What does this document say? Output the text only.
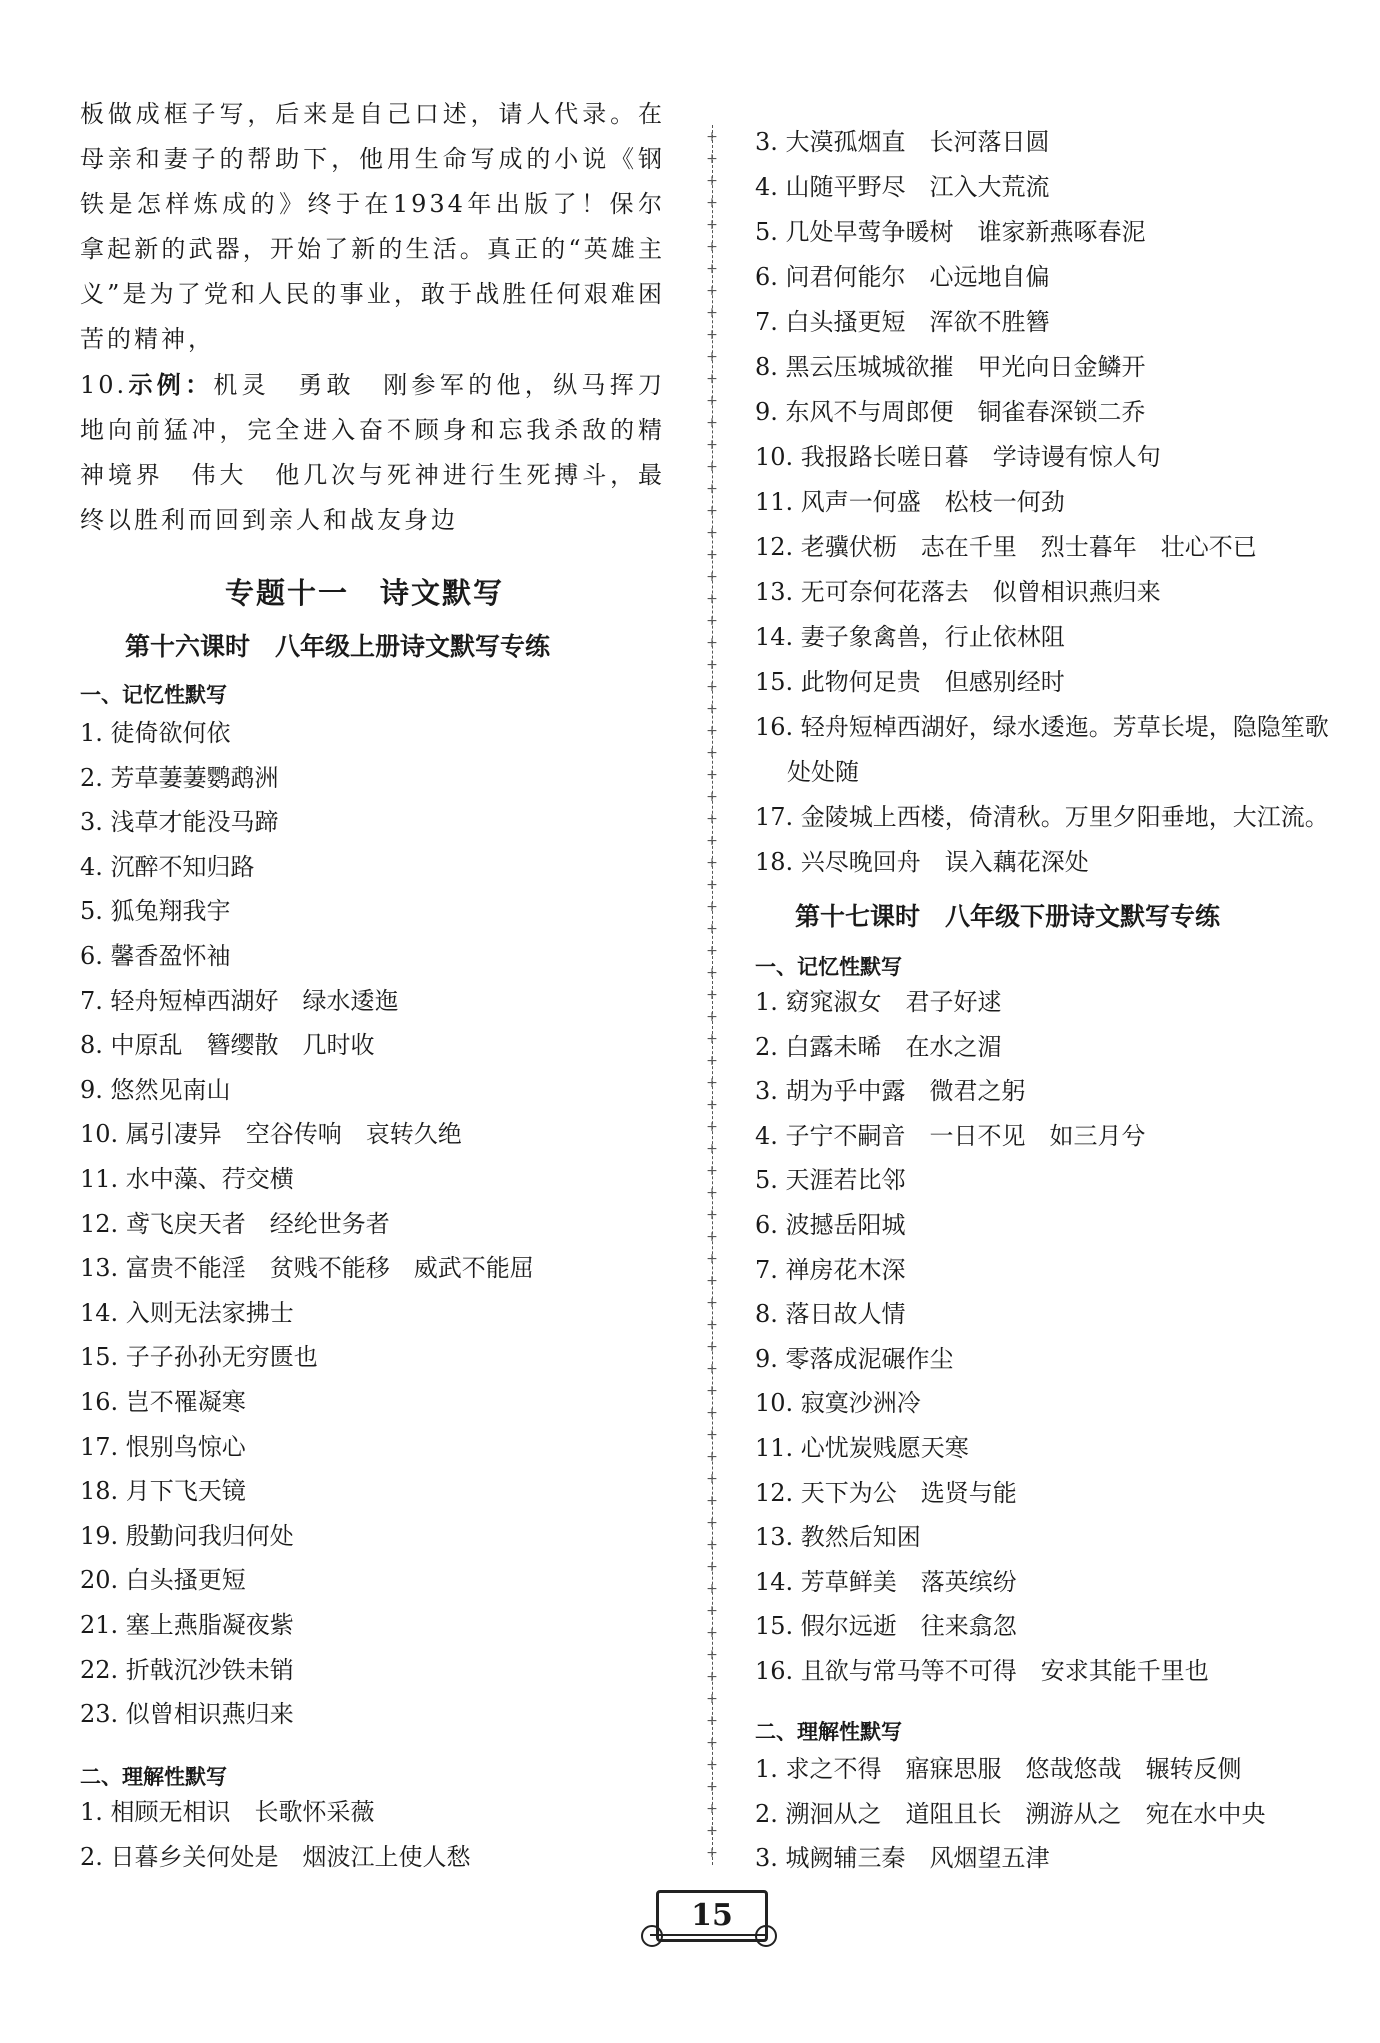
板做成框子写，后来是自己口述，请人代录。在母亲和妻子的帮助下，他用生命写成的小说《钢铁是怎样炼成的》终于在1934年出版了！保尔拿起新的武器，开始了新的生活。真正的“英雄主义”是为了党和人民的事业，敢于战胜任何艰难困苦的精神，
10.示例：机灵　勇敢　刚参军的他，纵马挥刀地向前猛冲，完全进入奋不顾身和忘我杀敌的精神境界　伟大　他几次与死神进行生死搏斗，最终以胜利而回到亲人和战友身边
专题十一　诗文默写
第十六课时　八年级上册诗文默写专练
一、记忆性默写
1. 徒倚欲何依
2. 芳草萋萋鹦鹉洲
3. 浅草才能没马蹄
4. 沉醉不知归路
5. 狐兔翔我宇
6. 馨香盈怀袖
7. 轻舟短棹西湖好　绿水逶迤
8. 中原乱　簪缨散　几时收
9. 悠然见南山
10. 属引凄异　空谷传响　哀转久绝
11. 水中藻、荇交横
12. 鸢飞戾天者　经纶世务者
13. 富贵不能淫　贫贱不能移　威武不能屈
14. 入则无法家拂士
15. 子子孙孙无穷匮也
16. 岂不罹凝寒
17. 恨别鸟惊心
18. 月下飞天镜
19. 殷勤问我归何处
20. 白头搔更短
21. 塞上燕脂凝夜紫
22. 折戟沉沙铁未销
23. 似曾相识燕归来
二、理解性默写
1. 相顾无相识　长歌怀采薇
2. 日暮乡关何处是　烟波江上使人愁
+
+
+
+
+
+
+
+
+
+
+
+
+
+
+
+
+
+
+
+
+
+
+
+
+
+
+
+
+
+
+
+
+
+
+
+
+
+
+
+
+
+
+
+
+
+
+
+
+
+
+
+
+
+
+
+
+
+
+
+
+
+
+
+
+
+
+
+
+
+
+
+
+
+
+
+
+
+
+
3. 大漠孤烟直　长河落日圆
4. 山随平野尽　江入大荒流
5. 几处早莺争暖树　谁家新燕啄春泥
6. 问君何能尔　心远地自偏
7. 白头搔更短　浑欲不胜簪
8. 黑云压城城欲摧　甲光向日金鳞开
9. 东风不与周郎便　铜雀春深锁二乔
10. 我报路长嗟日暮　学诗谩有惊人句
11. 风声一何盛　松枝一何劲
12. 老骥伏枥　志在千里　烈士暮年　壮心不已
13. 无可奈何花落去　似曾相识燕归来
14. 妻子象禽兽，行止依林阻
15. 此物何足贵　但感别经时
16. 轻舟短棹西湖好，绿水逶迤。芳草长堤，隐隐笙歌
处处随
17. 金陵城上西楼，倚清秋。万里夕阳垂地，大江流。
18. 兴尽晚回舟　误入藕花深处
第十七课时　八年级下册诗文默写专练
一、记忆性默写
1. 窈窕淑女　君子好逑
2. 白露未晞　在水之湄
3. 胡为乎中露　微君之躬
4. 子宁不嗣音　一日不见　如三月兮
5. 天涯若比邻
6. 波撼岳阳城
7. 禅房花木深
8. 落日故人情
9. 零落成泥碾作尘
10. 寂寞沙洲冷
11. 心忧炭贱愿天寒
12. 天下为公　选贤与能
13. 教然后知困
14. 芳草鲜美　落英缤纷
15. 假尔远逝　往来翕忽
16. 且欲与常马等不可得　安求其能千里也
二、理解性默写
1. 求之不得　寤寐思服　悠哉悠哉　辗转反侧
2. 溯洄从之　道阻且长　溯游从之　宛在水中央
3. 城阙辅三秦　风烟望五津
15
